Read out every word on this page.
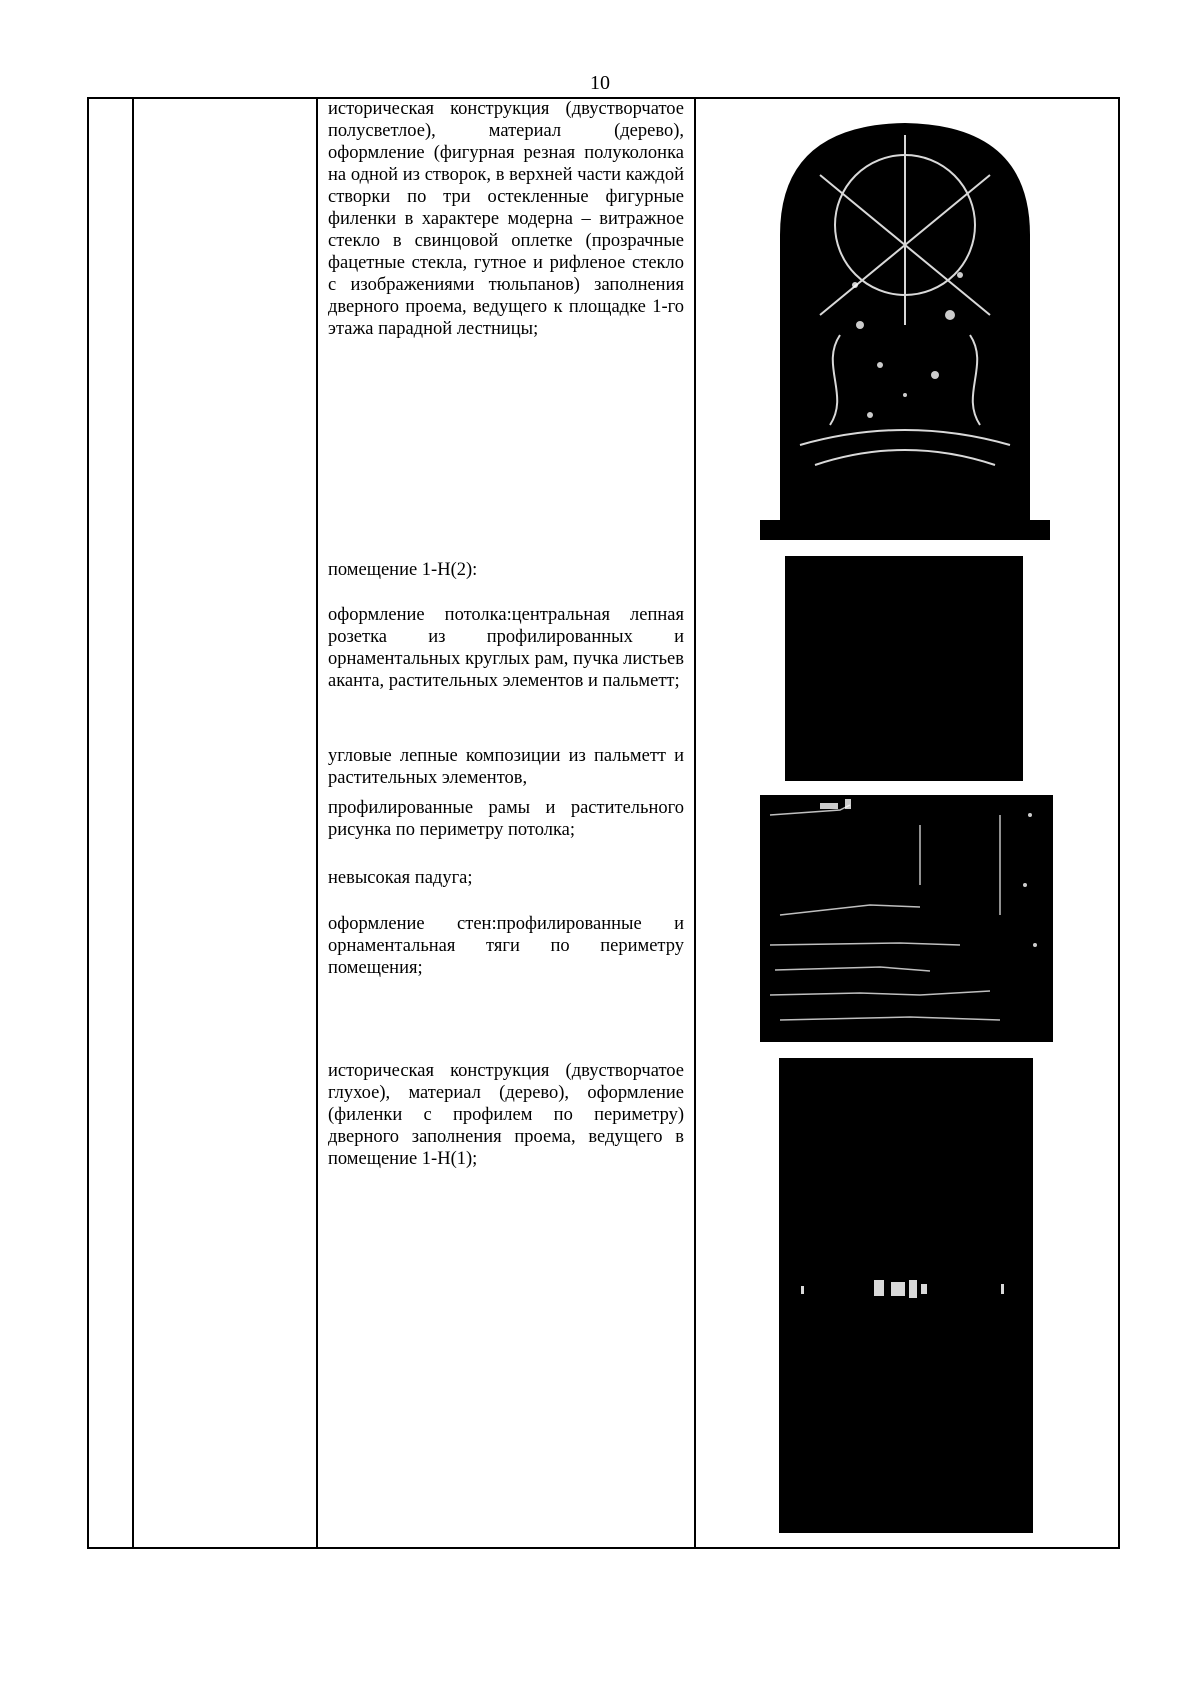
10
историческая конструкция (двустворчатое полусветлое), материал (дерево), оформление (фигурная резная полуколонка на одной из створок, в верхней части каждой створки по три остекленные фигурные филенки в характере модерна – витражное стекло в свинцовой оплетке (прозрачные фацетные стекла, гутное и рифленое стекло с изображениями тюльпанов) заполнения дверного проема, ведущего к площадке 1-го этажа парадной лестницы;
помещение 1-Н(2):
оформление потолка:центральная лепная розетка из профилированных и орнаментальных круглых рам, пучка листьев аканта, растительных элементов и пальметт;
угловые лепные композиции из пальметт и растительных элементов,
профилированные рамы и растительного рисунка по периметру потолка;
невысокая падуга;
оформление стен:профилированные и орнаментальная тяги по периметру помещения;
историческая конструкция (двустворчатое глухое), материал (дерево), оформление (филенки с профилем по периметру) дверного заполнения проема, ведущего в помещение 1-Н(1);
